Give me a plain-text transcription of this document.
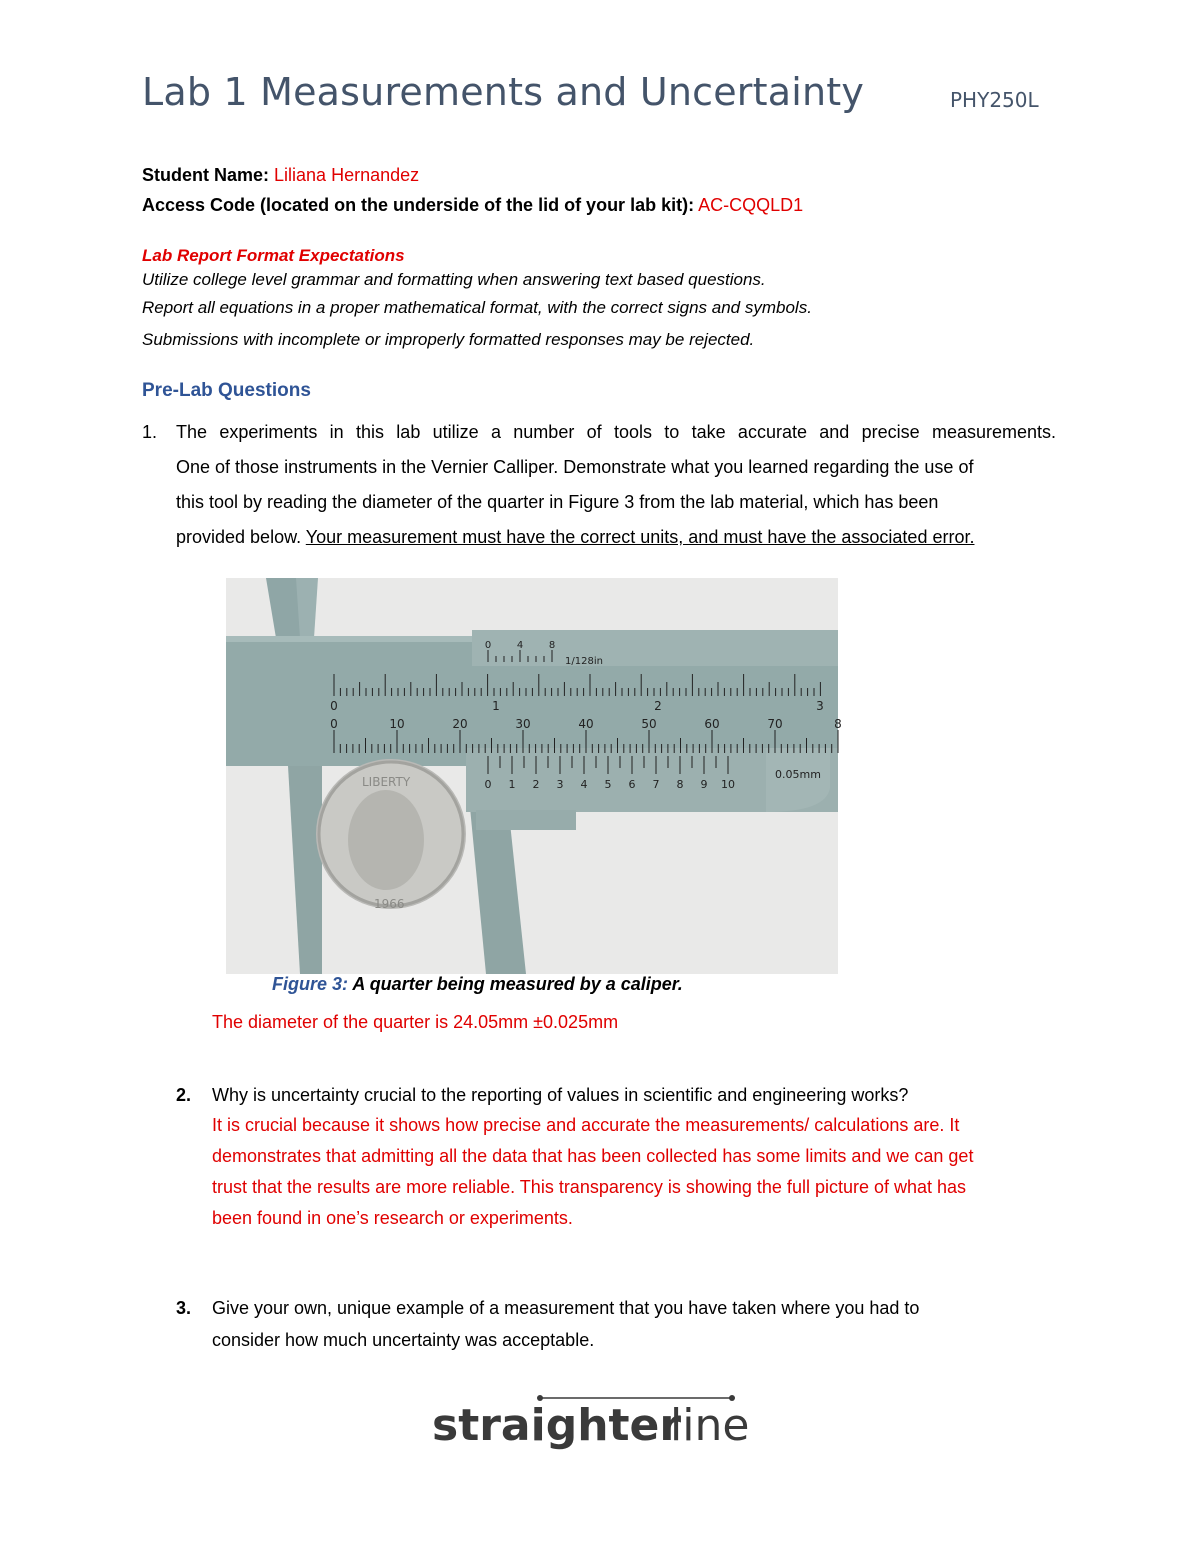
Lab 1 Measurements and Uncertainty	PHY250L
Student Name: Liliana Hernandez
Access Code (located on the underside of the lid of your lab kit): AC-CQQLD1
Lab Report Format Expectations
Utilize college level grammar and formatting when answering text based questions.
Report all equations in a proper mathematical format, with the correct signs and symbols.
Submissions with incomplete or improperly formatted responses may be rejected.
Pre-Lab Questions
1. The experiments in this lab utilize a number of tools to take accurate and precise measurements.
One of those instruments in the Vernier Calliper. Demonstrate what you learned regarding the use of
this tool by reading the diameter of the quarter in Figure 3 from the lab material, which has been
provided below. Your measurement must have the correct units, and must have the associated error.
LIBERTY
1966
0	4	8
1/128in
0	1	2	3
0	10	20	30	40	50	60	70	8
0 1 2 3 4 5 6 7 8 9 10
0.05mm
Figure 3: A quarter being measured by a caliper.
The diameter of the quarter is 24.05mm ±0.025mm
2. Why is uncertainty crucial to the reporting of values in scientific and engineering works?
It is crucial because it shows how precise and accurate the measurements/ calculations are. It
demonstrates that admitting all the data that has been collected has some limits and we can get
trust that the results are more reliable. This transparency is showing the full picture of what has
been found in one’s research or experiments.
3. Give your own, unique example of a measurement that you have taken where you had to
consider how much uncertainty was acceptable.
straighter
line
